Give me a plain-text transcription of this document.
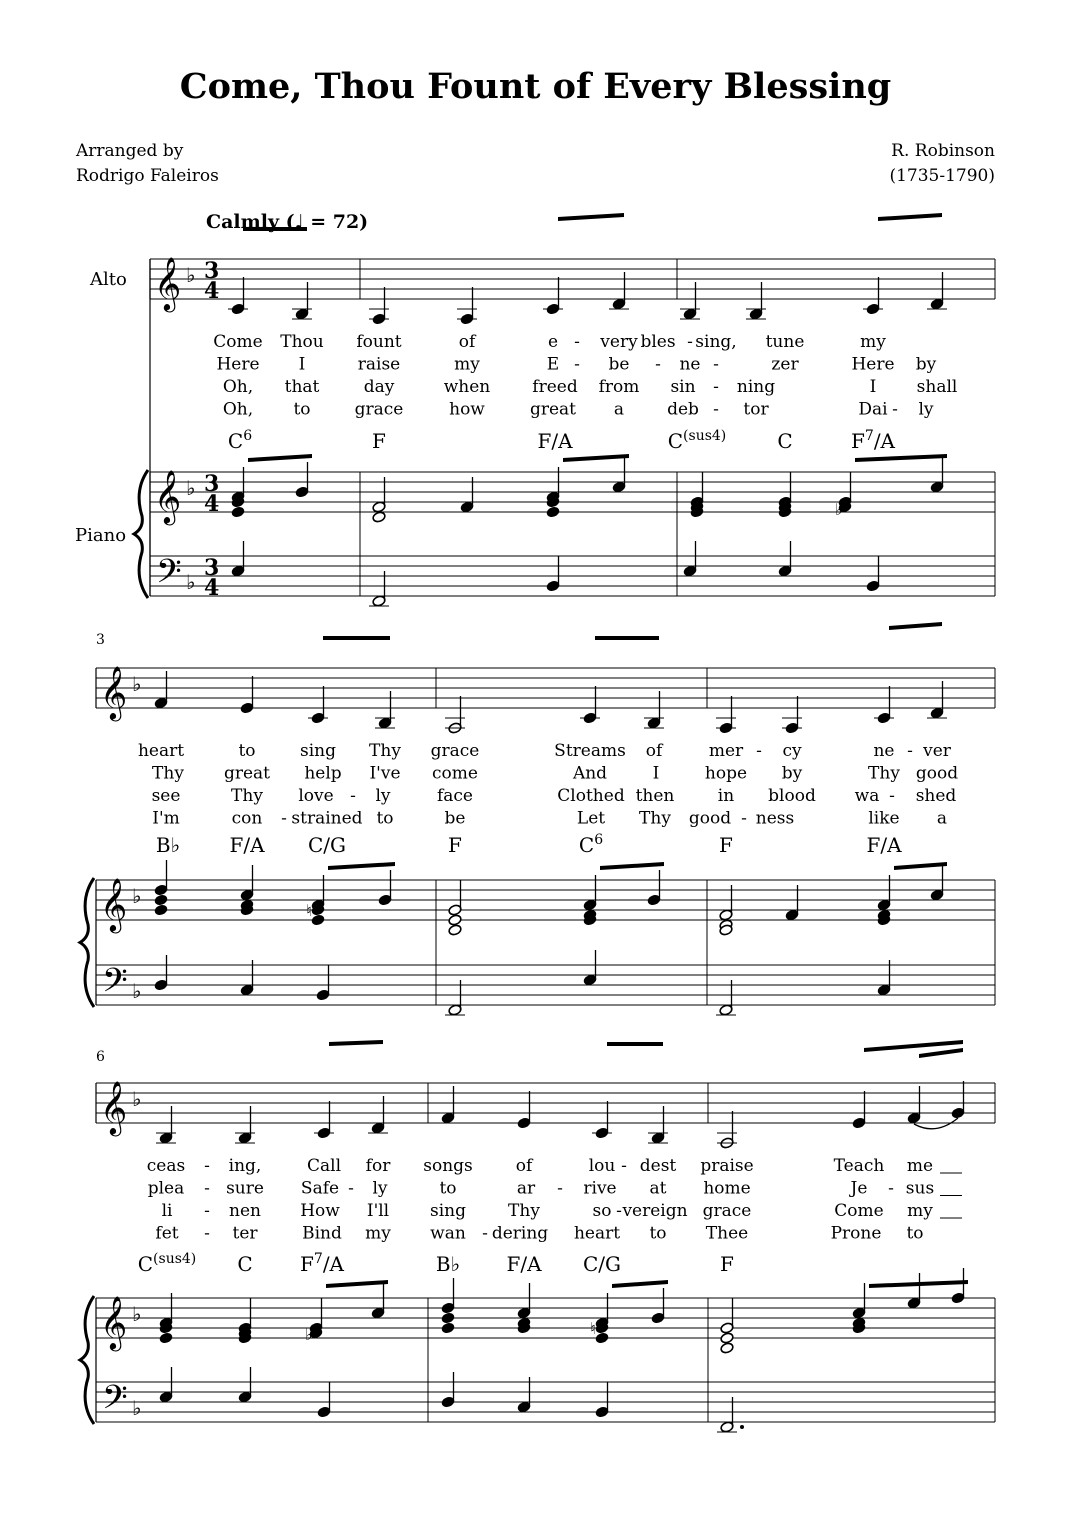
𝄞
𝄞
𝄢
♭
♭
♭
3
4
3
4
3
4
𝄞
𝄞
𝄢
♭
♭
♭
𝄞
𝄞
𝄢
♭
♭
♭
Alto
Piano
3
6
Come Thou fount	of	e - very bles - sing, tune	my
Here I	raise	my	E - be - ne -	zer	Here by
Oh, that	day	when freed from sin - ning	I shall
Oh, to	grace	how	great a	deb - tor	Dai - ly
heart	to	sing Thy grace	Streams of	mer - cy	ne - ver
Thy great help I've come	And	I	hope by	Thy good
see	Thy love - ly	face	Clothed then	in blood wa - shed
I'm	con - strained to	be	Let Thy good - ness	like a
ceas - ing,	Call for songs	of	lou - dest praise	Teach me
plea - sure Safe - ly	to	ar - rive at home	Je - sus
li - nen How I'll sing Thy	so - vereign grace	Come my
fet - ter	Bind my wan - dering heart to Thee	Prone to
$C^6$	F	F/A	$C^{(sus4)}$	C	$F^7/A$
B♭ F/A C/G	F	$C^6$	F	F/A
$C^{(sus4)}$ C $F^7/A$	B♭ F/A C/G	F
♮
♮
♭
♭
Come, Thou Fount of Every Blessing
Arranged by
Rodrigo Faleiros
R. Robinson
(1735-1790)
Calmly (♩ = 72)
